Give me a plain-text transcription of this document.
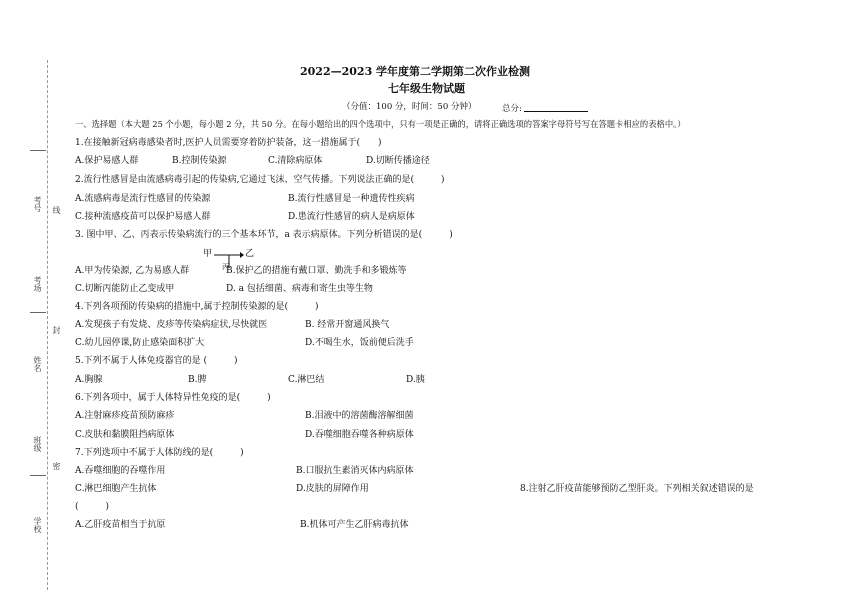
考号
考场
姓名
班级
学校
线
封
密
2022—2023 学年度第二学期第二次作业检测
七年级生物试题
（分值：100 分，时间：50 分钟）	总分:
一、选择题（本大题 25 个小题，每小题 2 分，共 50 分。在每小题给出的四个选项中，只有一项是正确的，请将正确选项的答案字母符号写在答题卡相应的表格中。）
1.在接触新冠病毒感染者时,医护人员需要穿着防护装备，这一措施属于(　　)
A.保护易感人群	B.控制传染源	C.清除病原体	D.切断传播途径
2.流行性感冒是由流感病毒引起的传染病,它通过飞沫、空气传播。下列说法正确的是(　　　)
A.流感病毒是流行性感冒的传染源	B.流行性感冒是一种遗传性疾病
C.接种流感疫苗可以保护易感人群	D.患流行性感冒的病人是病原体
3. 图中甲、乙、丙表示传染病流行的三个基本环节，a 表示病原体。下列分析错误的是(　　　)
甲	乙
丙
A.甲为传染源, 乙为易感人群	B.保护乙的措施有戴口罩、勤洗手和多锻炼等
C.切断丙能防止乙变成甲	D. a 包括细菌、病毒和寄生虫等生物
4.下列各项预防传染病的措施中,属于控制传染源的是(　　　)
A.发现孩子有发烧、皮疹等传染病症状,尽快就医	B. 经常开窗通风换气
C.幼儿园停课,防止感染面积扩大	D.不喝生水，饭前便后洗手
5.下列不属于人体免疫器官的是 (　　　)
A.胸腺	B.脾	C.淋巴结	D.胰
6.下列各项中，属于人体特异性免疫的是(　　　)
A.注射麻疹疫苗预防麻疹	B.泪液中的溶菌酶溶解细菌
C.皮肤和黏膜阻挡病原体	D.吞噬细胞吞噬各种病原体
7.下列选项中不属于人体防线的是(　　　)
A.吞噬细胞的吞噬作用	B.口服抗生素消灭体内病原体
C.淋巴细胞产生抗体	D.皮肤的屏障作用	8.注射乙肝疫苗能够预防乙型肝炎。下列相关叙述错误的是
(　　　)
A.乙肝疫苗相当于抗原	B.机体可产生乙肝病毒抗体
